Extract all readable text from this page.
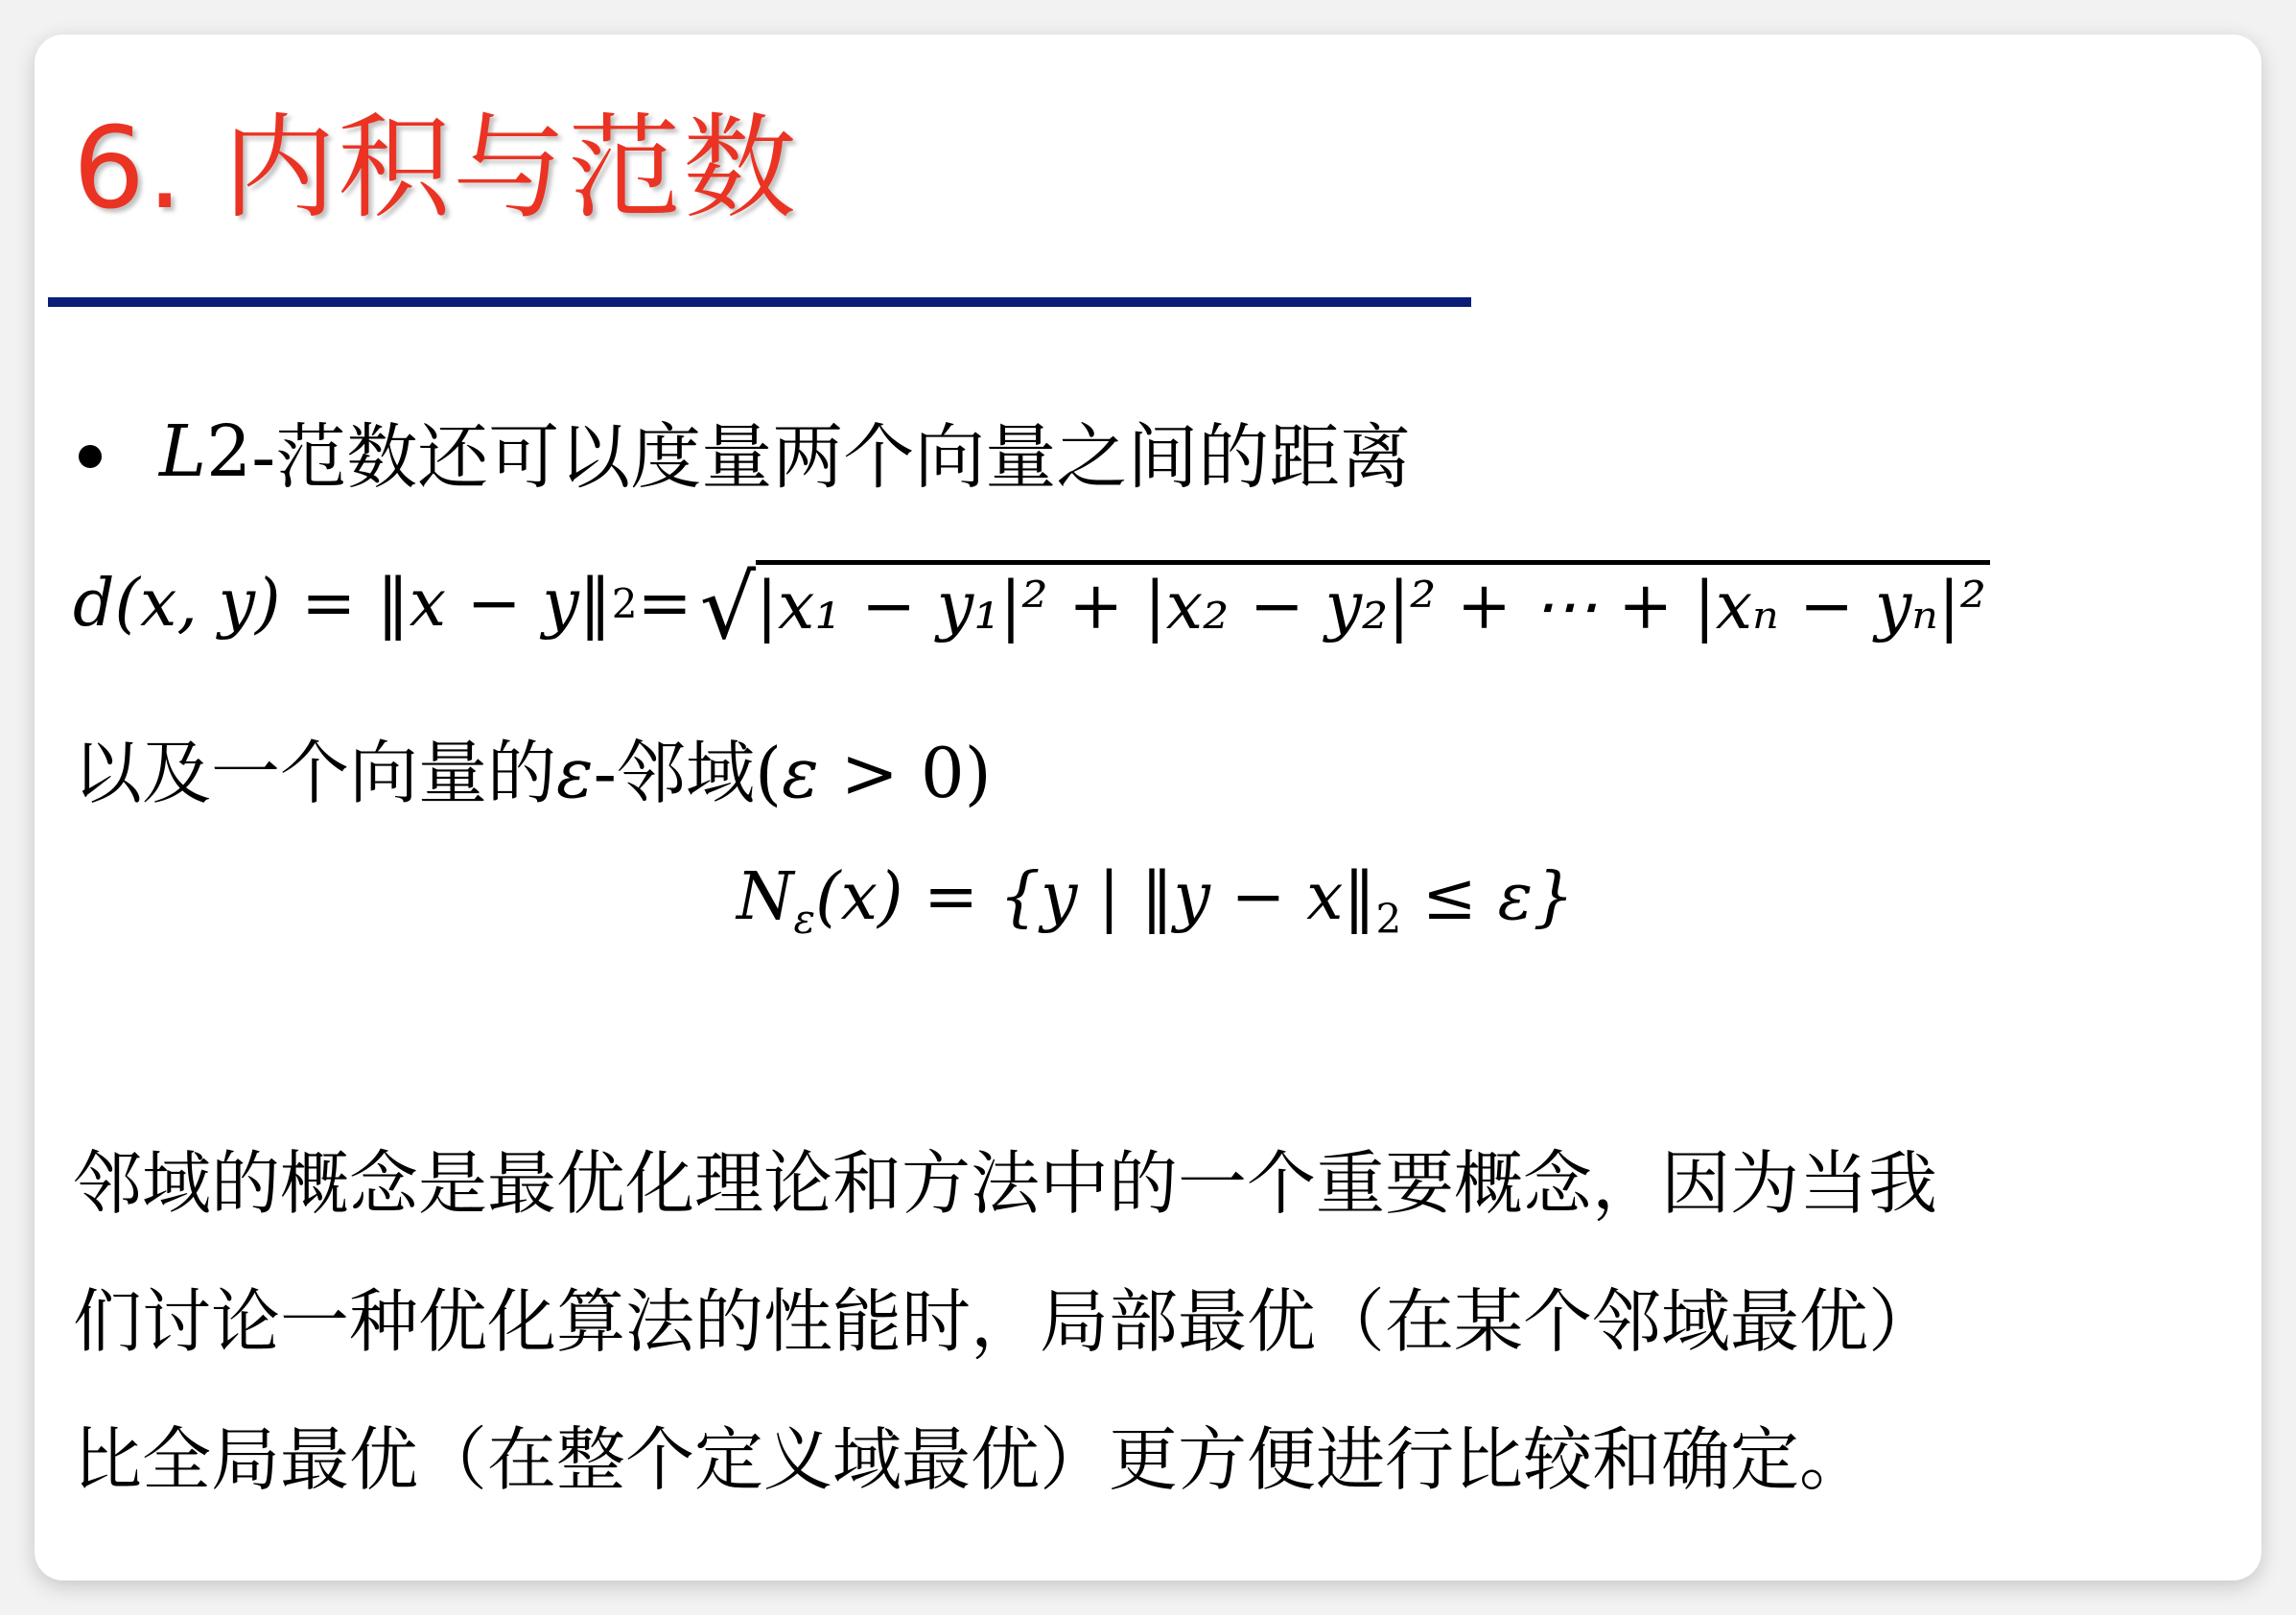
6. 内积与范数
L 2 -范数还可以度量两个向量之间的距离
d(x, y) = ‖x − y‖ 2 = √ |x₁ − y₁|² + |x₂ − y₂|² + ⋯ + |xₙ − yₙ|²
以及一个向量的ε-邻域(ε > 0)
$N_\varepsilon(x) = \{y$ | ‖y − $x‖_2 \le \varepsilon$}
邻域的概念是最优化理论和方法中的一个重要概念，因为当我
们讨论一种优化算法的性能时，局部最优（在某个邻域最优）
比全局最优（在整个定义域最优）更方便进行比较和确定。
